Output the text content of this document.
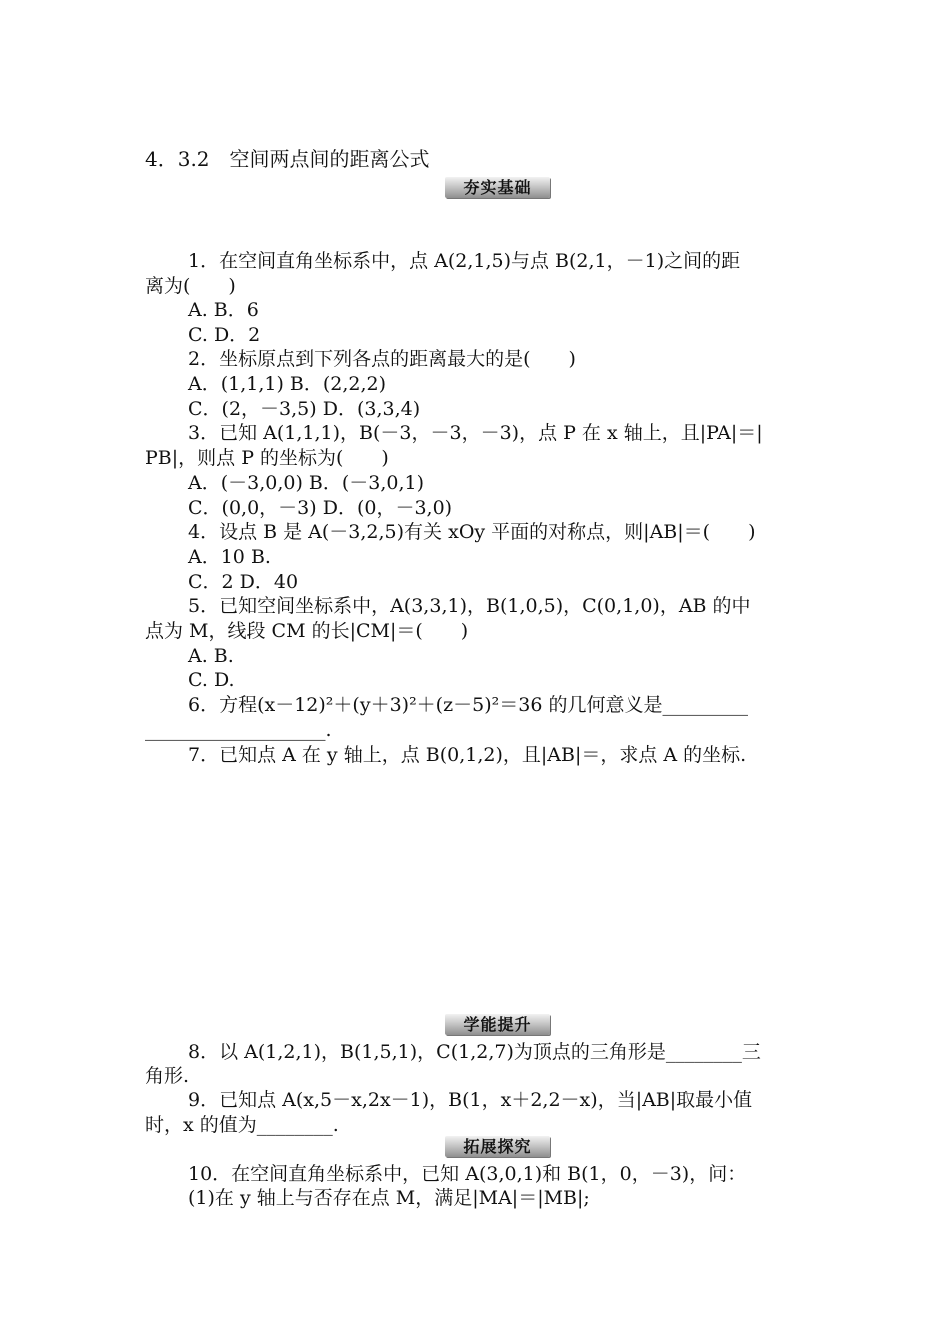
4．3.2　空间两点间的距离公式
夯实基础
1．在空间直角坐标系中，点 A(2,1,5)与点 B(2,1，－1)之间的距
离为(　　)
A. B．6
C. D．2
2．坐标原点到下列各点的距离最大的是(　　)
A．(1,1,1) B．(2,2,2)
C．(2，－3,5) D．(3,3,4)
3．已知 A(1,1,1)，B(－3，－3，－3)，点 P 在 x 轴上，且|PA|＝|
PB|，则点 P 的坐标为(　　)
A．(－3,0,0) B．(－3,0,1)
C．(0,0，－3) D．(0，－3,0)
4．设点 B 是 A(－3,2,5)有关 xOy 平面的对称点，则|AB|＝(　　)
A．10 B.
C．2 D．40
5．已知空间坐标系中，A(3,3,1)，B(1,0,5)，C(0,1,0)，AB 的中
点为 M，线段 CM 的长|CM|＝(　　)
A. B.
C. D.
6．方程(x－12)²＋(y＋3)²＋(z－5)²＝36 的几何意义是_________
___________________.
7．已知点 A 在 y 轴上，点 B(0,1,2)，且|AB|＝，求点 A 的坐标.
学能提升
8．以 A(1,2,1)，B(1,5,1)，C(1,2,7)为顶点的三角形是________三
角形.
9．已知点 A(x,5－x,2x－1)，B(1，x＋2,2－x)，当|AB|取最小值
时，x 的值为________.
拓展探究
10．在空间直角坐标系中，已知 A(3,0,1)和 B(1，0，－3)，问：
(1)在 y 轴上与否存在点 M，满足|MA|＝|MB|;
